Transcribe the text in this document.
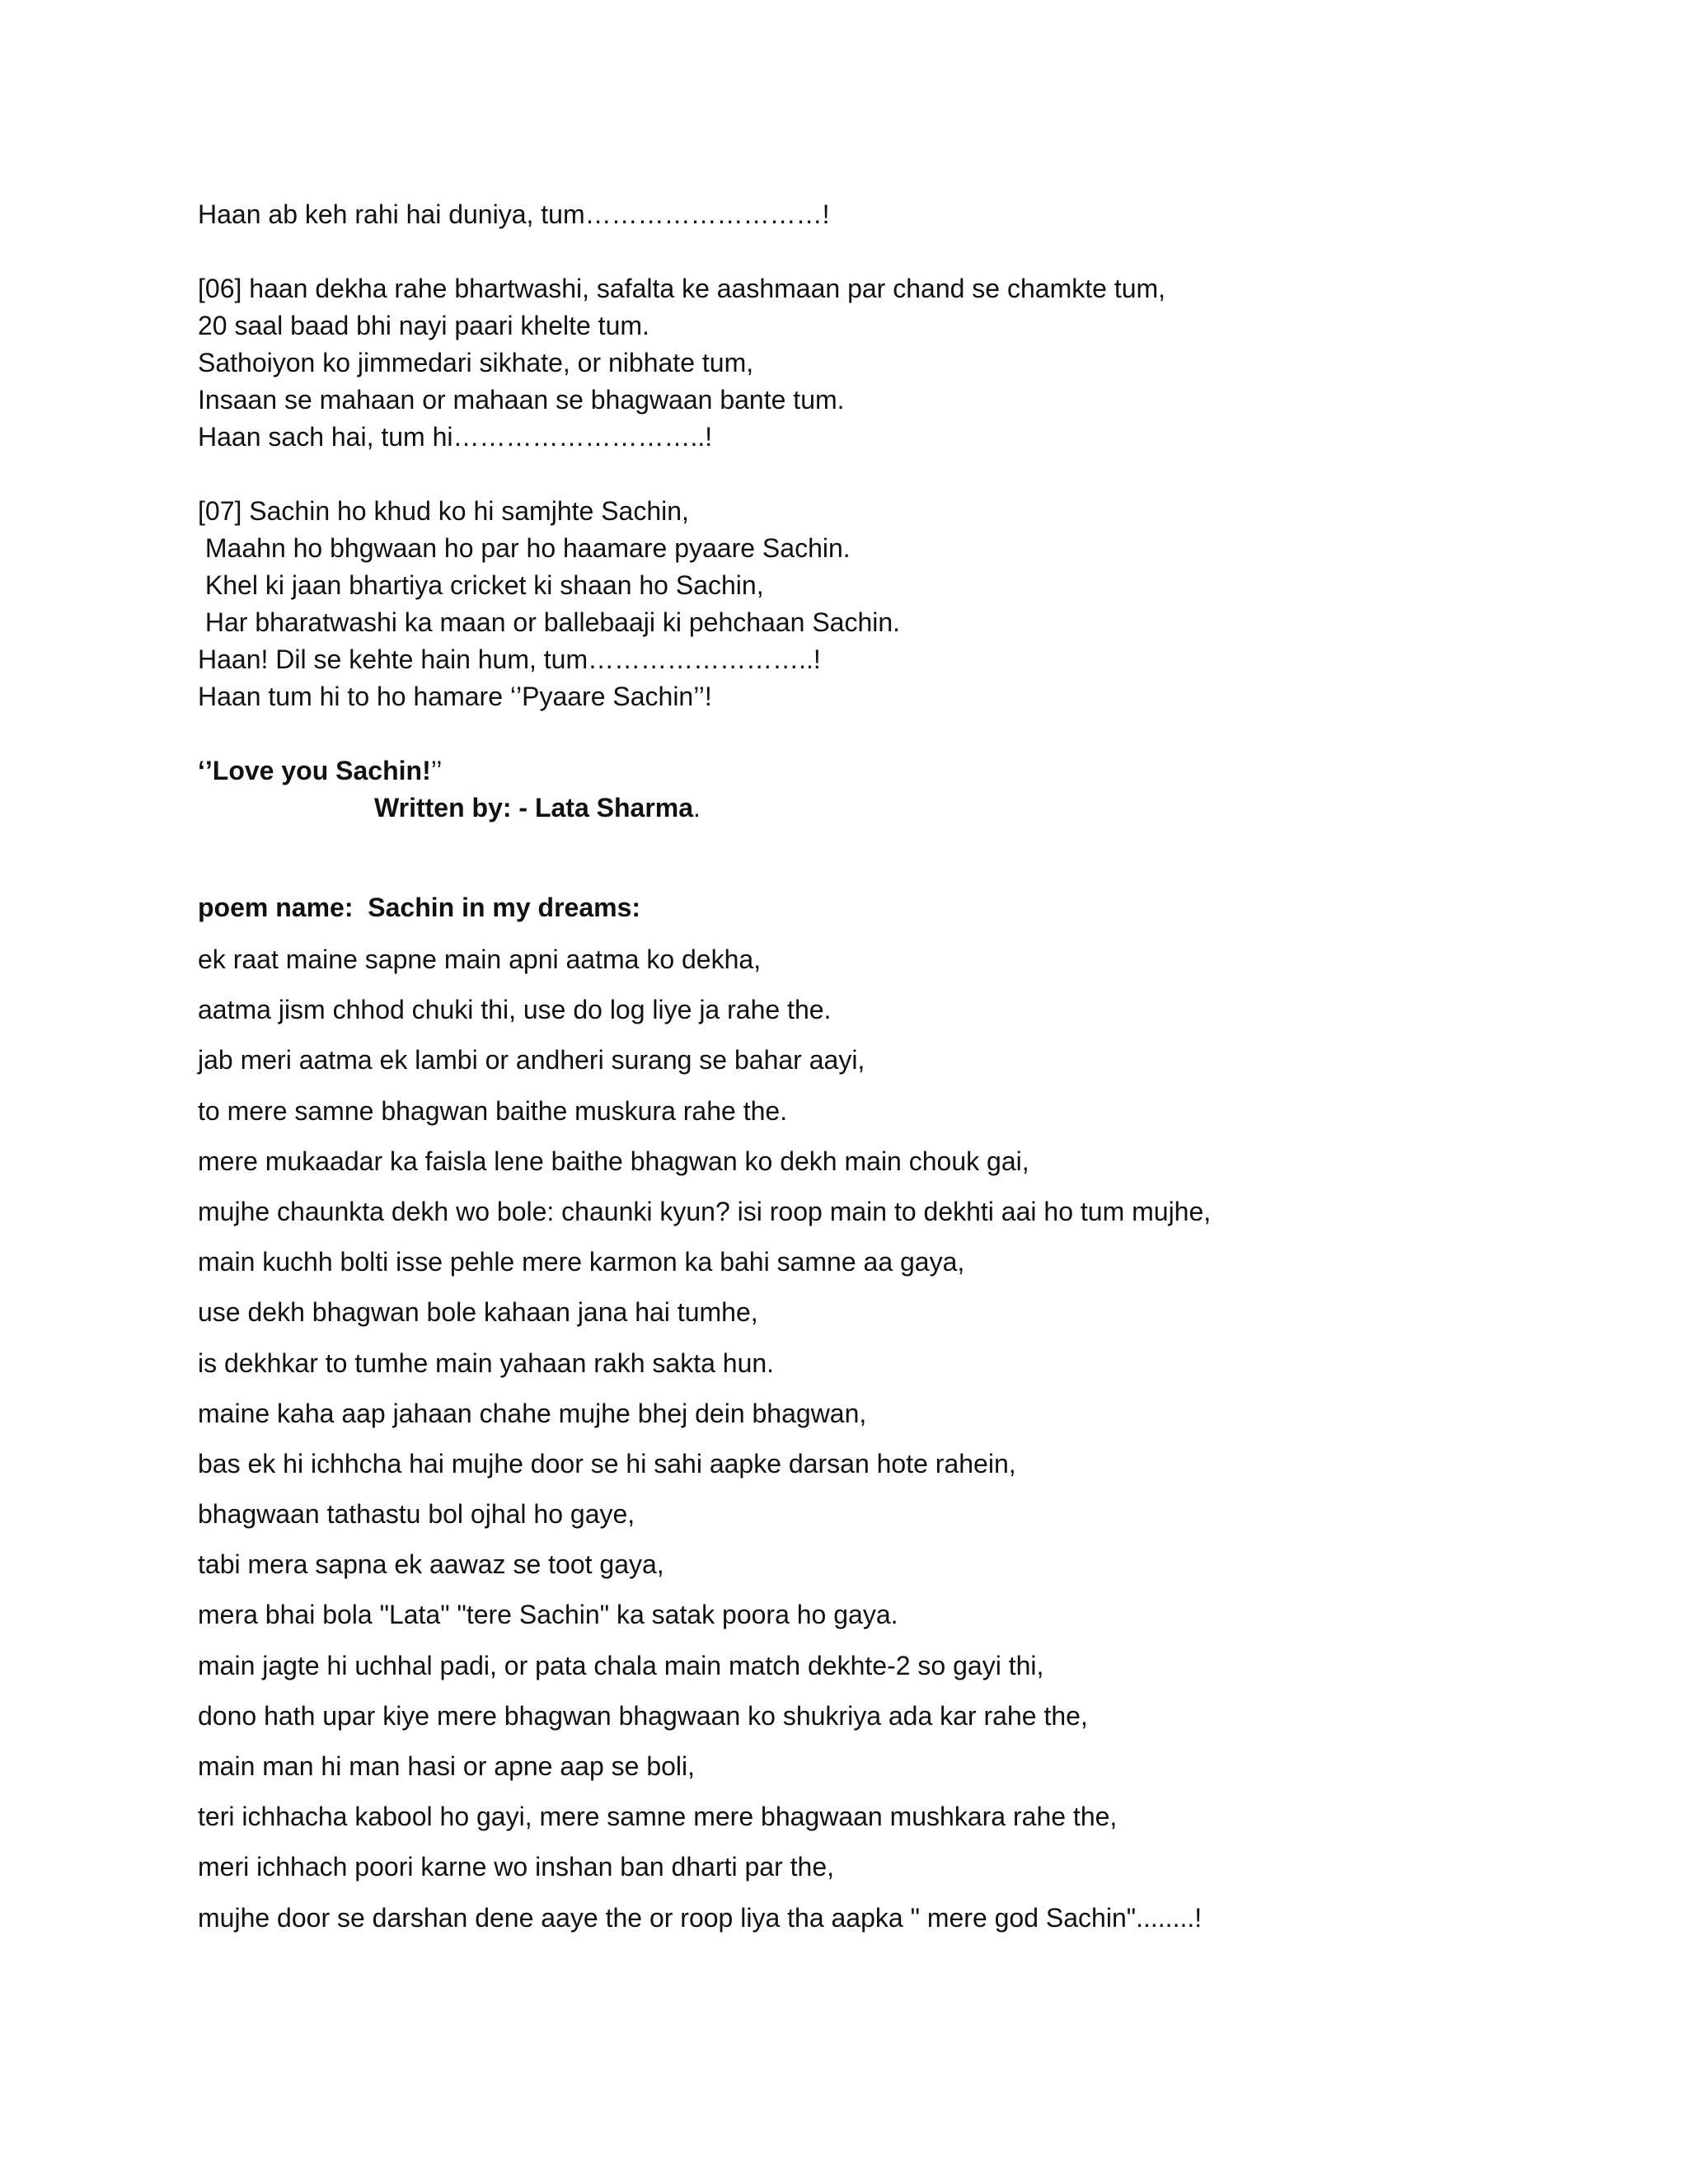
Haan ab keh rahi hai duniya, tum………………………!
[06] haan dekha rahe bhartwashi, safalta ke aashmaan par chand se chamkte tum,
20 saal baad bhi nayi paari khelte tum.
Sathoiyon ko jimmedari sikhate, or nibhate tum,
Insaan se mahaan or mahaan se bhagwaan bante tum.
Haan sach hai, tum hi………………………..!
[07] Sachin ho khud ko hi samjhte Sachin,
Maahn ho bhgwaan ho par ho haamare pyaare Sachin.
Khel ki jaan bhartiya cricket ki shaan ho Sachin,
Har bharatwashi ka maan or ballebaaji ki pehchaan Sachin.
Haan! Dil se kehte hain hum, tum……………………..!
Haan tum hi to ho hamare ‘’Pyaare Sachin’’!
‘’Love you Sachin!’’
Written by: - Lata Sharma.
poem name:  Sachin in my dreams:
ek raat maine sapne main apni aatma ko dekha,
aatma jism chhod chuki thi, use do log liye ja rahe the.
jab meri aatma ek lambi or andheri surang se bahar aayi,
to mere samne bhagwan baithe muskura rahe the.
mere mukaadar ka faisla lene baithe bhagwan ko dekh main chouk gai,
mujhe chaunkta dekh wo bole: chaunki kyun? isi roop main to dekhti aai ho tum mujhe,
main kuchh bolti isse pehle mere karmon ka bahi samne aa gaya,
use dekh bhagwan bole kahaan jana hai tumhe,
is dekhkar to tumhe main yahaan rakh sakta hun.
maine kaha aap jahaan chahe mujhe bhej dein bhagwan,
bas ek hi ichhcha hai mujhe door se hi sahi aapke darsan hote rahein,
bhagwaan tathastu bol ojhal ho gaye,
tabi mera sapna ek aawaz se toot gaya,
mera bhai bola "Lata" "tere Sachin" ka satak poora ho gaya.
main jagte hi uchhal padi, or pata chala main match dekhte-2 so gayi thi,
dono hath upar kiye mere bhagwan bhagwaan ko shukriya ada kar rahe the,
main man hi man hasi or apne aap se boli,
teri ichhacha kabool ho gayi, mere samne mere bhagwaan mushkara rahe the,
meri ichhach poori karne wo inshan ban dharti par the,
mujhe door se darshan dene aaye the or roop liya tha aapka " mere god Sachin"........!
